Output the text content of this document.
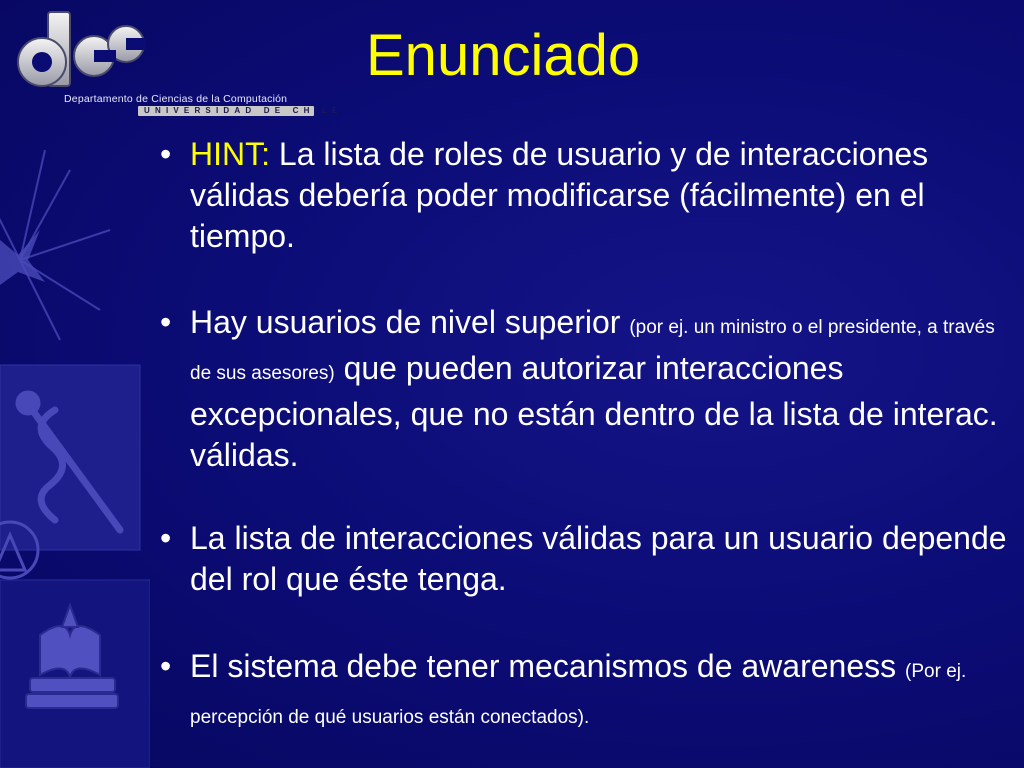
Departamento de Ciencias de la Computación
UNIVERSIDAD DE CHILE
Enunciado
• HINT: La lista de roles de usuario y de interacciones válidas debería poder modificarse (fácilmente) en el tiempo.
• Hay usuarios de nivel superior (por ej. un ministro o el presidente, a través de sus asesores) que pueden autorizar interacciones excepcionales, que no están dentro de la lista de interac. válidas.
• La lista de interacciones válidas para un usuario depende del rol que éste tenga.
• El sistema debe tener mecanismos de awareness (Por ej. percepción de qué usuarios están conectados).
